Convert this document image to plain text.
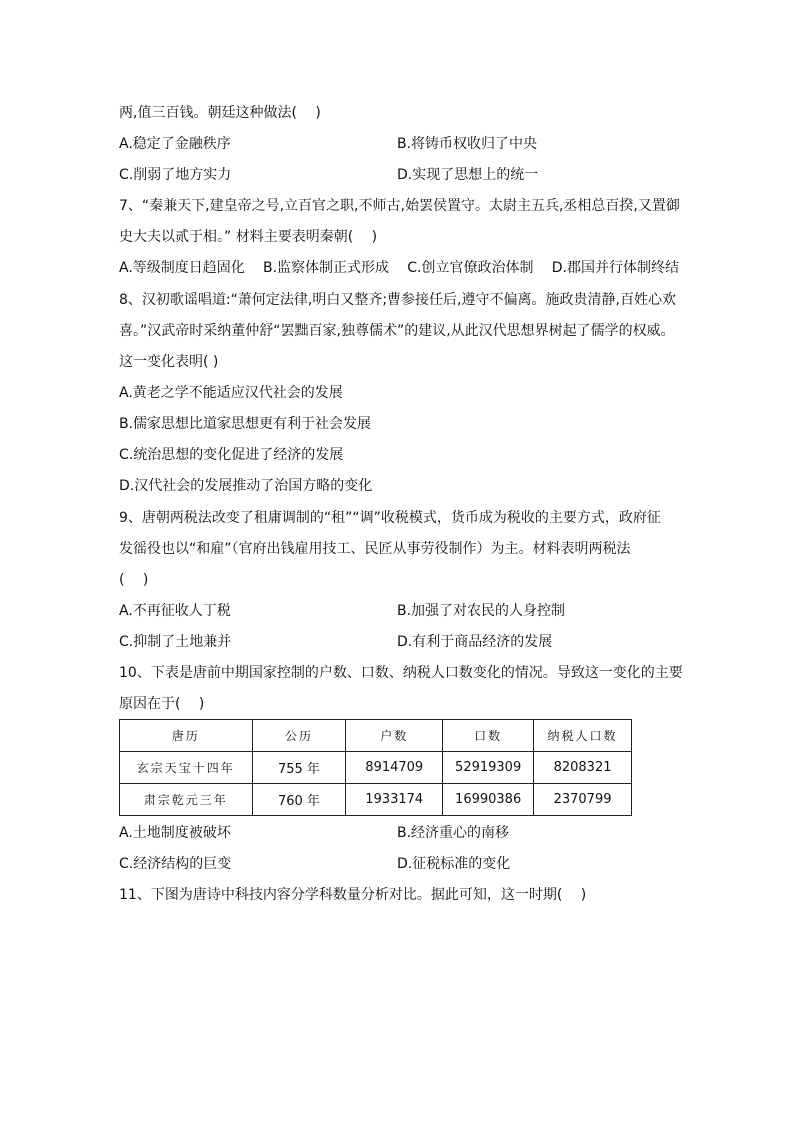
两,值三百钱。朝廷这种做法(　 )
A.稳定了金融秩序	B.将铸币权收归了中央
C.削弱了地方实力	D.实现了思想上的统一
7、“秦兼天下,建皇帝之号,立百官之职,不师古,始罢侯置守。太尉主五兵,丞相总百揆,又置御
史大夫以贰于相。” 材料主要表明秦朝(　 )
A.等级制度日趋固化 B.监察体制正式形成 C.创立官僚政治体制 D.郡国并行体制终结
8、汉初歌谣唱道:“萧何定法律,明白又整齐;曹参接任后,遵守不偏离。施政贵清静,百姓心欢
喜。”汉武帝时采纳董仲舒“罢黜百家,独尊儒术”的建议,从此汉代思想界树起了儒学的权威。
这一变化表明( )
A.黄老之学不能适应汉代社会的发展
B.儒家思想比道家思想更有利于社会发展
C.统治思想的变化促进了经济的发展
D.汉代社会的发展推动了治国方略的变化
9、唐朝两税法改变了租庸调制的“租”“调”收税模式，货币成为税收的主要方式，政府征
发徭役也以“和雇”（官府出钱雇用技工、民匠从事劳役制作）为主。材料表明两税法
(　 )
A.不再征收人丁税	B.加强了对农民的人身控制
C.抑制了土地兼并	D.有利于商品经济的发展
10、下表是唐前中期国家控制的户数、口数、纳税人口数变化的情况。导致这一变化的主要
原因在于(　 )
唐历	公历	户数	口数	纳税人口数
玄宗天宝十四年	755 年	8914709	52919309	8208321
肃宗乾元三年	760 年	1933174	16990386	2370799
A.土地制度被破坏	B.经济重心的南移
C.经济结构的巨变	D.征税标准的变化
11、下图为唐诗中科技内容分学科数量分析对比。据此可知，这一时期(　 )
